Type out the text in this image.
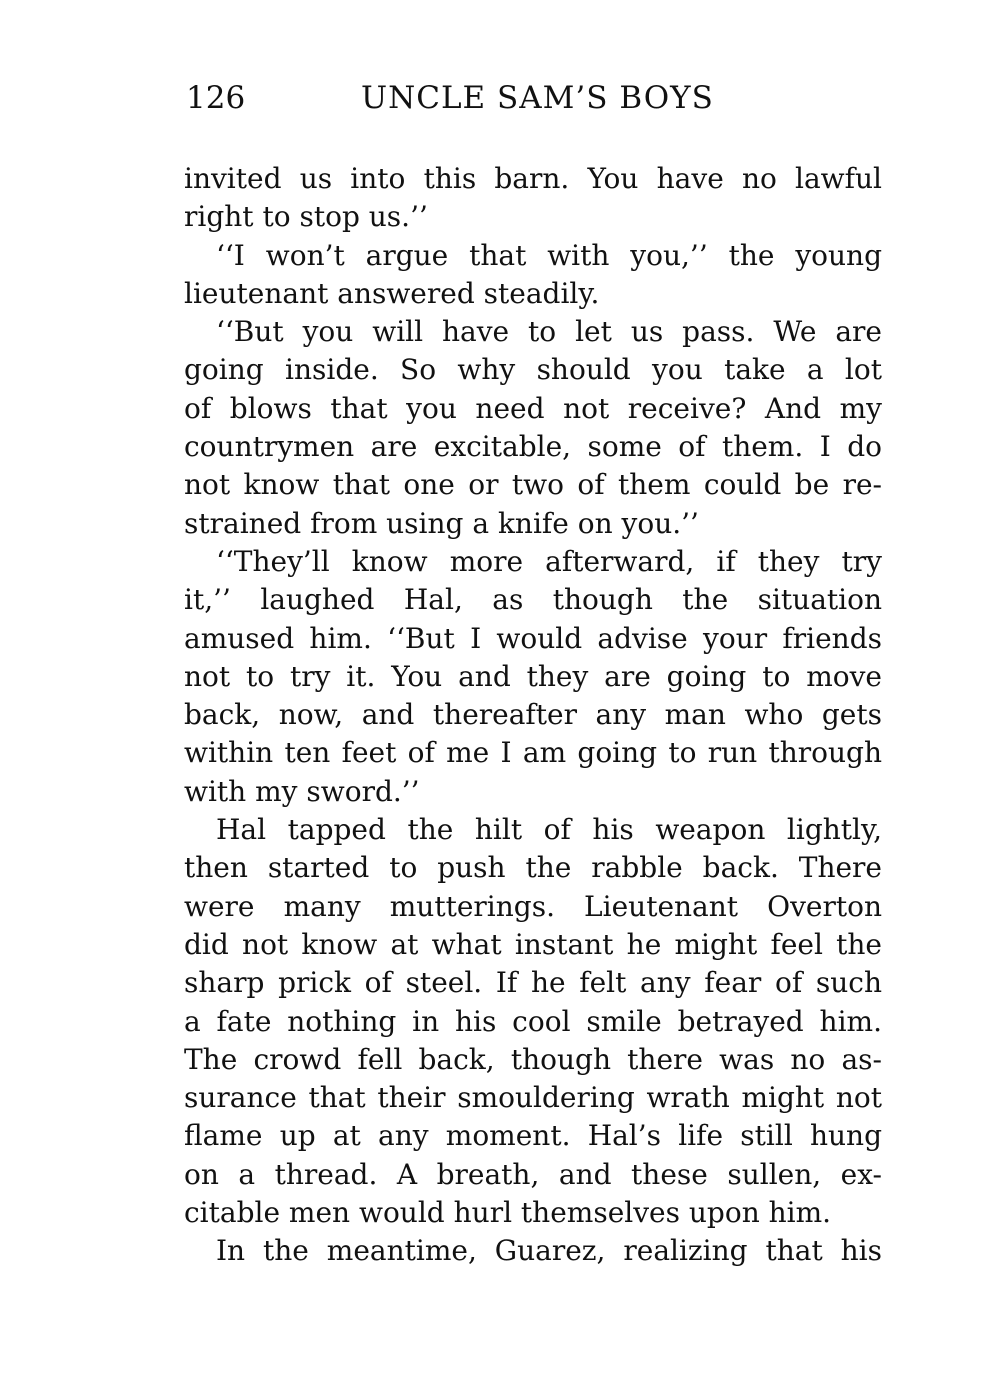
126	UNCLE SAM’S BOYS
invited us into this barn. You have no lawful
right to stop us.’’
‘‘I won’t argue that with you,’’ the young
lieutenant answered steadily.
‘‘But you will have to let us pass. We are
going inside. So why should you take a lot
of blows that you need not receive? And my
countrymen are excitable, some of them. I do
not know that one or two of them could be re-
strained from using a knife on you.’’
‘‘They’ll know more afterward, if they try
it,’’ laughed Hal, as though the situation
amused him. ‘‘But I would advise your friends
not to try it. You and they are going to move
back, now, and thereafter any man who gets
within ten feet of me I am going to run through
with my sword.’’
Hal tapped the hilt of his weapon lightly,
then started to push the rabble back. There
were many mutterings. Lieutenant Overton
did not know at what instant he might feel the
sharp prick of steel. If he felt any fear of such
a fate nothing in his cool smile betrayed him.
The crowd fell back, though there was no as-
surance that their smouldering wrath might not
flame up at any moment. Hal’s life still hung
on a thread. A breath, and these sullen, ex-
citable men would hurl themselves upon him.
In the meantime, Guarez, realizing that his
